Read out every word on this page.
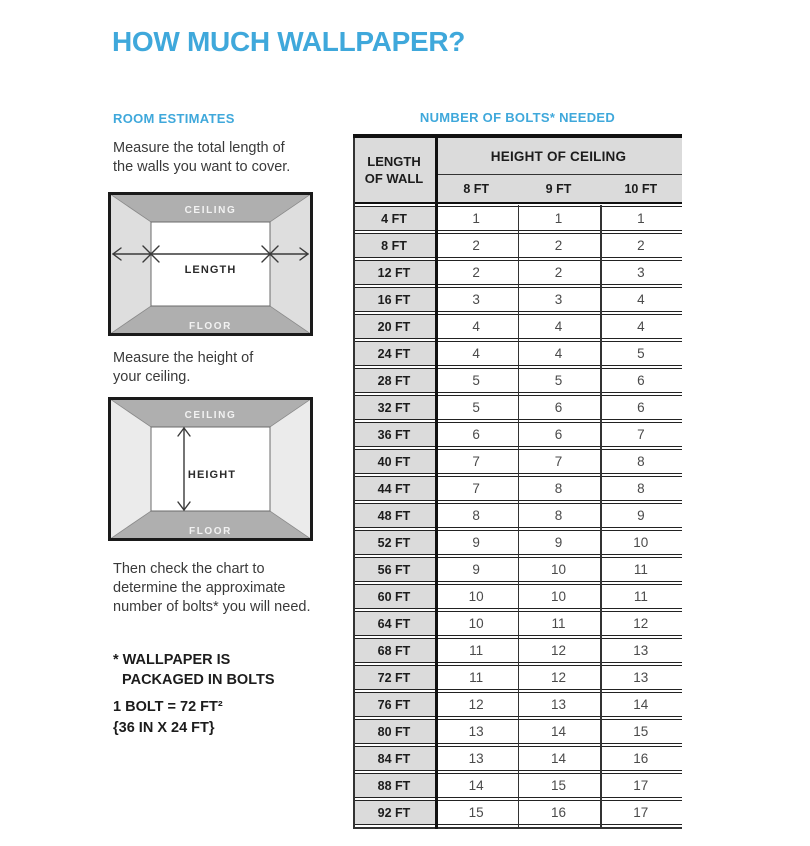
HOW MUCH WALLPAPER?
ROOM ESTIMATES
Measure the total length of
the walls you want to cover.
CEILING
FLOOR
LENGTH
Measure the height of
your ceiling.
CEILING
FLOOR
HEIGHT
Then check the chart to
determine the approximate
number of bolts* you will need.
* WALLPAPER IS
PACKAGED IN BOLTS
1 BOLT = 72 FT²
{36 IN X 24 FT}
NUMBER OF BOLTS* NEEDED
LENGTH
OF WALL
HEIGHT OF CEILING
8 FT	9 FT	10 FT
4 FT	1	1	1
8 FT	2	2	2
12 FT	2	2	3
16 FT	3	3	4
20 FT	4	4	4
24 FT	4	4	5
28 FT	5	5	6
32 FT	5	6	6
36 FT	6	6	7
40 FT	7	7	8
44 FT	7	8	8
48 FT	8	8	9
52 FT	9	9	10
56 FT	9	10	11
60 FT	10	10	11
64 FT	10	11	12
68 FT	11	12	13
72 FT	11	12	13
76 FT	12	13	14
80 FT	13	14	15
84 FT	13	14	16
88 FT	14	15	17
92 FT	15	16	17
